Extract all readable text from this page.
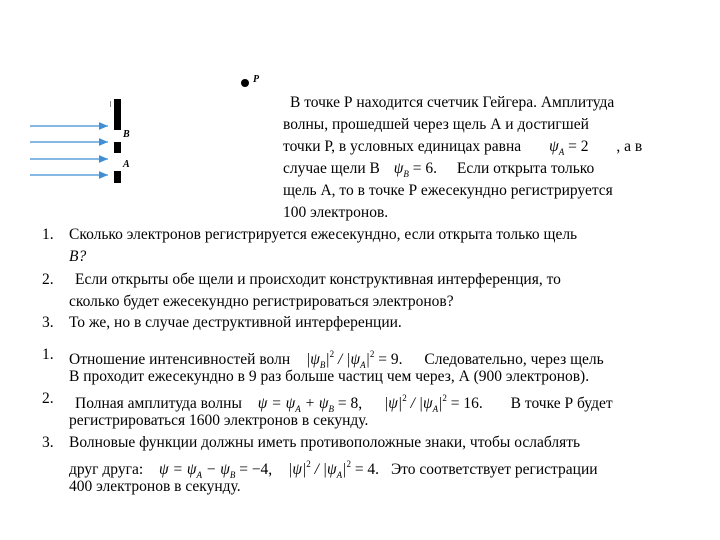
P
B
A
В точке Р находится счетчик Гейгера. Амплитуда
волны, прошедшей через щель А и достигшей
точки Р, в условных единицах равна $\psi_A = 2$ , а в
случае щели В $\psi_B = 6$. Если открыта только
щель А, то в точке Р ежесекундно регистрируется
100 электронов.
1. Сколько электронов регистрируется ежесекундно, если открыта только щель
В?
2. Если открыты обе щели и происходит конструктивная интерференция, то
сколько будет ежесекундно регистрироваться электронов?
3. То же, но в случае деструктивной интерференции.
1. Отношение интенсивностей волн $|\psi_B|^2 / |\psi_A|^2 = 9$. Следовательно, через щель
В проходит ежесекундно в 9 раз больше частиц чем через, А (900 электронов).
2. Полная амплитуда волны $\psi = \psi_A + \psi_B = 8$, $|\psi|^2 / |\psi_A|^2 = 16$. В точке Р будет
регистрироваться 1600 электронов в секунду.
3. Волновые функции должны иметь противоположные знаки, чтобы ослаблять
друг друга: $\psi = \psi_A - \psi_B = -4$, $|\psi|^2 / |\psi_A|^2 = 4$. Это соответствует регистрации
400 электронов в секунду.
